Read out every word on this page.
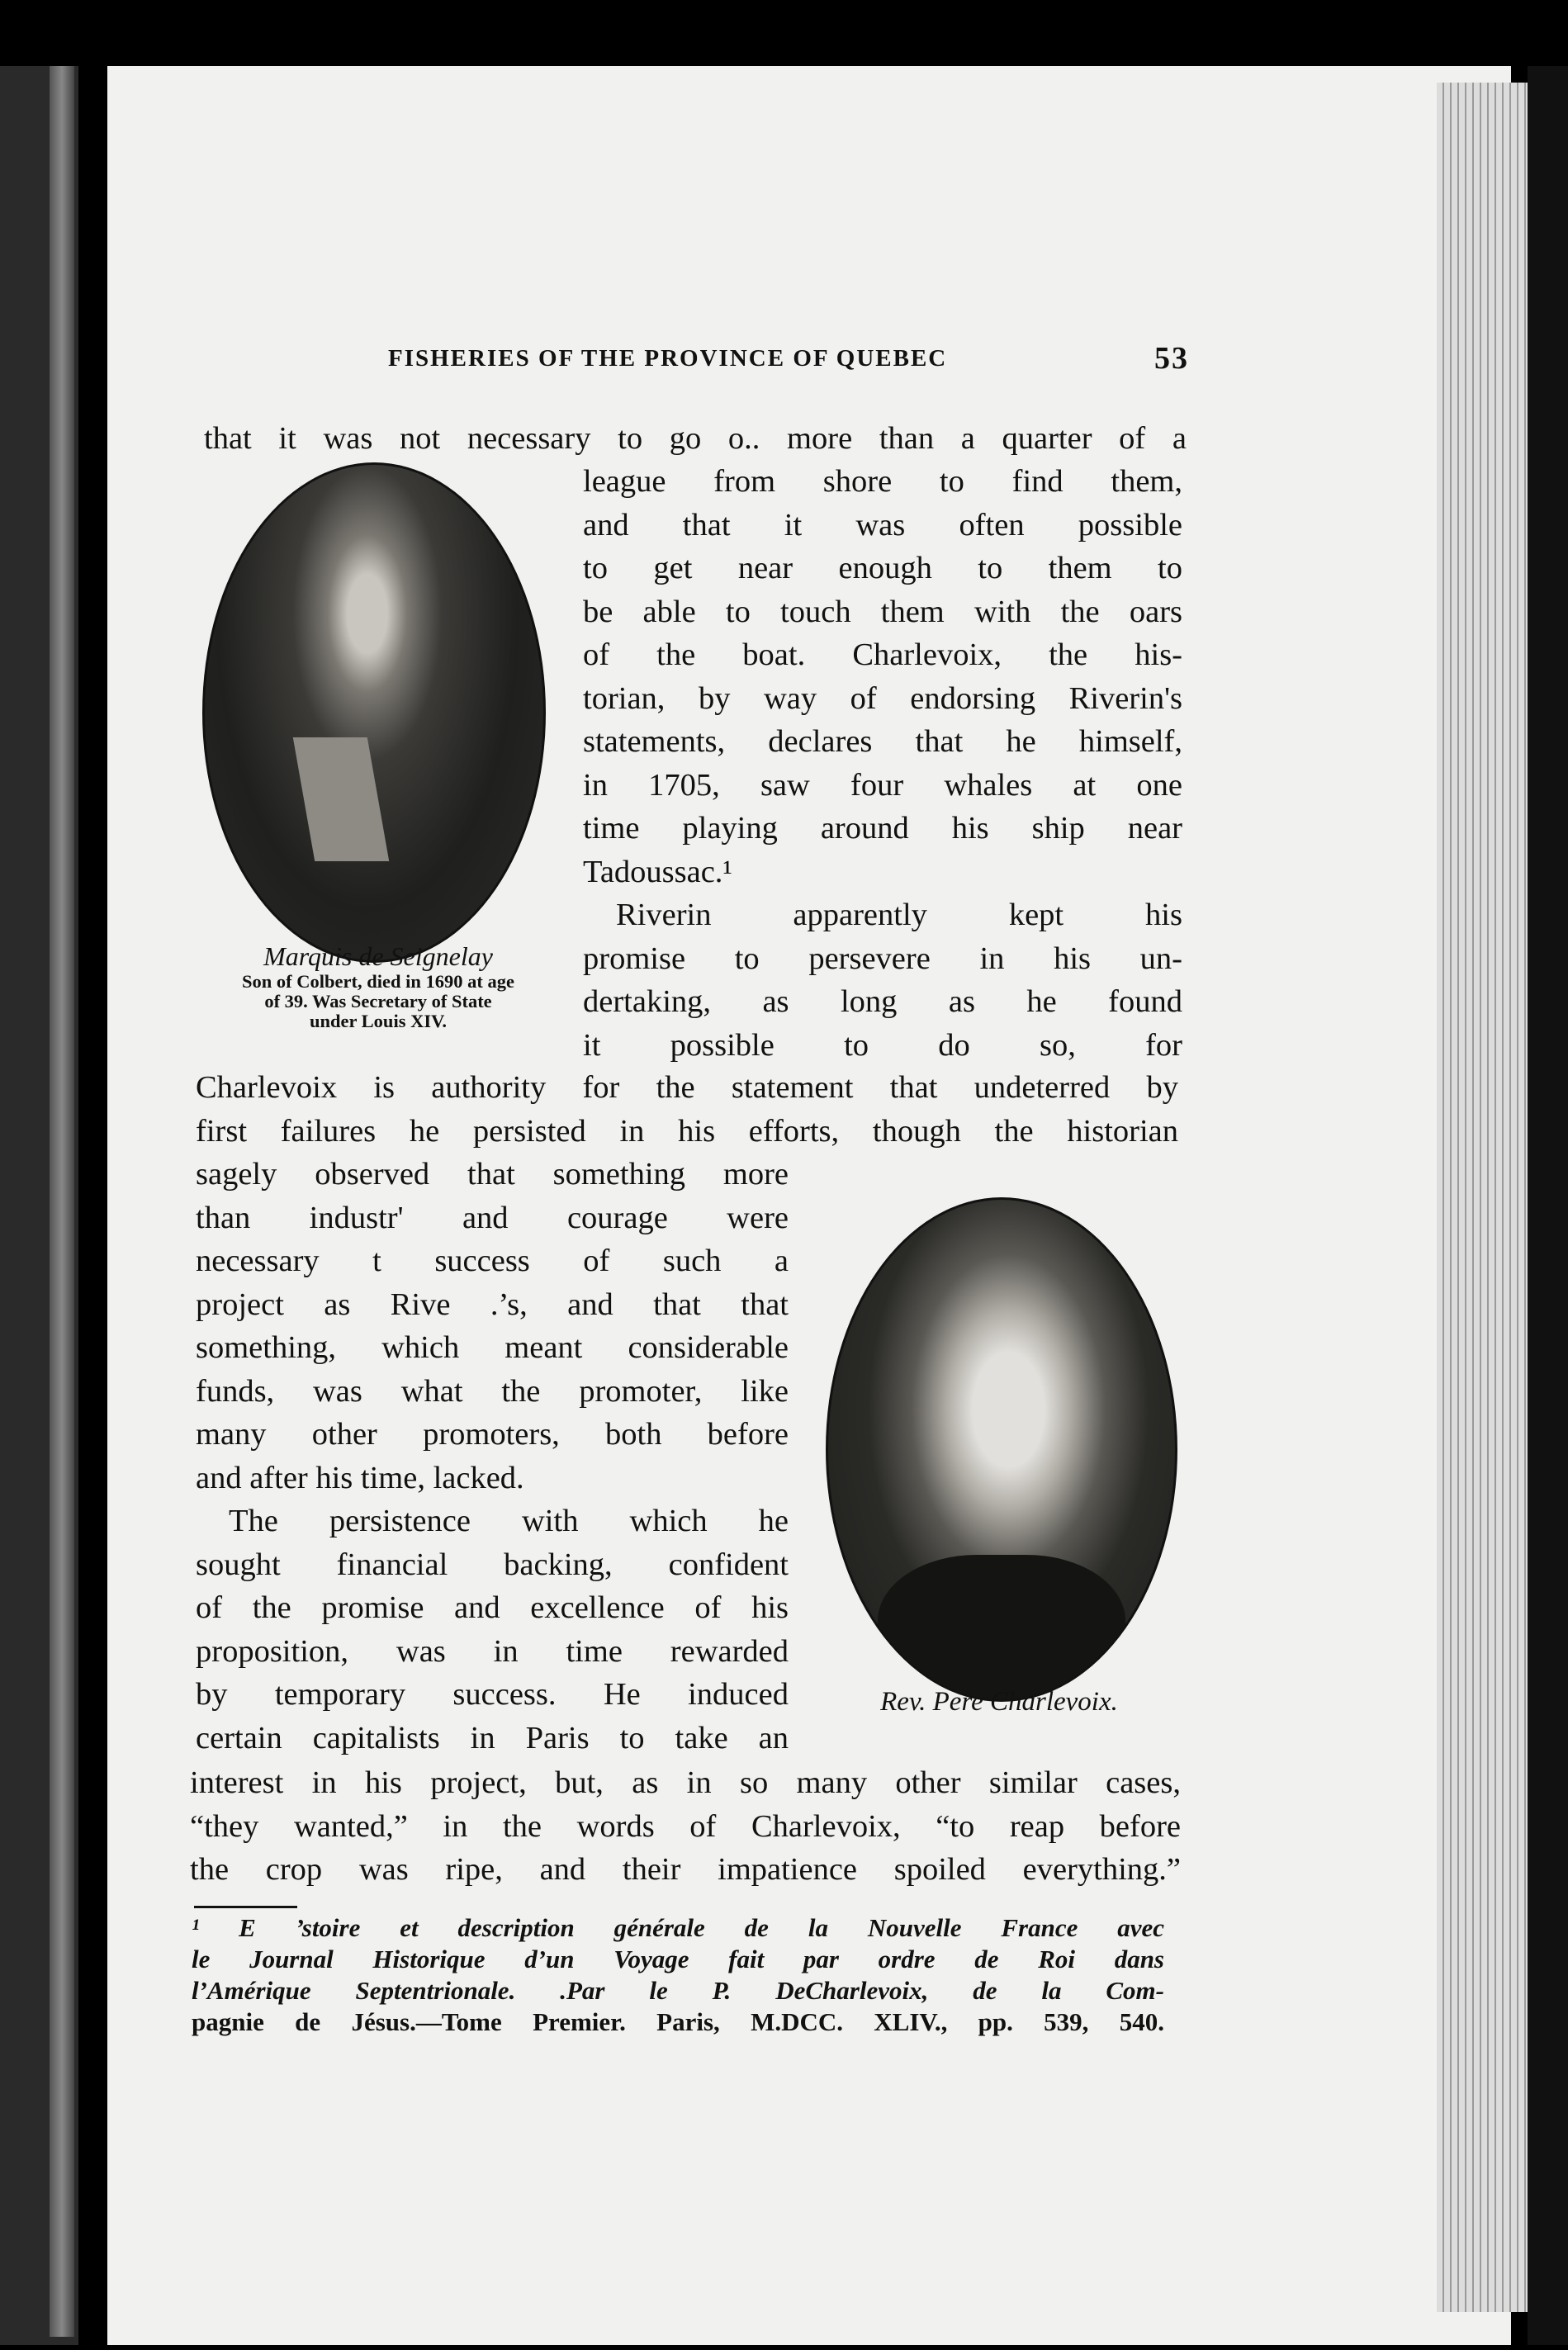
FISHERIES OF THE PROVINCE OF QUEBEC	53
that it was not necessary to go o.. more than a quarter of a

league from shore to find them,

and that it was often possible

to get near enough to them to

be able to touch them with the oars

of the boat. Charlevoix, the his-

torian, by way of endorsing Riverin's

statements, declares that he himself,

in 1705, saw four whales at one

time playing around his ship near

Tadoussac.¹

Riverin apparently kept his

promise to persevere in his un-

dertaking, as long as he found

it possible to do so, for

Marquis de Seignelay
Son of Colbert, died in 1690 at age
of 39. Was Secretary of State
under Louis XIV.

Charlevoix is authority for the statement that undeterred by

first failures he persisted in his efforts, though the historian

sagely observed that something more

than industr' and courage were

necessary t success of such a

project as Rive .’s, and that that

something, which meant considerable

funds, was what the promoter, like

many other promoters, both before

and after his time, lacked.

The persistence with which he

sought financial backing, confident

of the promise and excellence of his

proposition, was in time rewarded

by temporary success. He induced

certain capitalists in Paris to take an

Rev. Pere Charlevoix.

interest in his project, but, as in so many other similar cases,

“they wanted,” in the words of Charlevoix, “to reap before

the crop was ripe, and their impatience spoiled everything.”

¹ E ’stoire et description générale de la Nouvelle France avec

le Journal Historique d’un Voyage fait par ordre de Roi dans

l’Amérique Septentrionale. .Par le P. DeCharlevoix, de la Com-

pagnie de Jésus.—Tome Premier. Paris, M.DCC. XLIV., pp. 539, 540.
